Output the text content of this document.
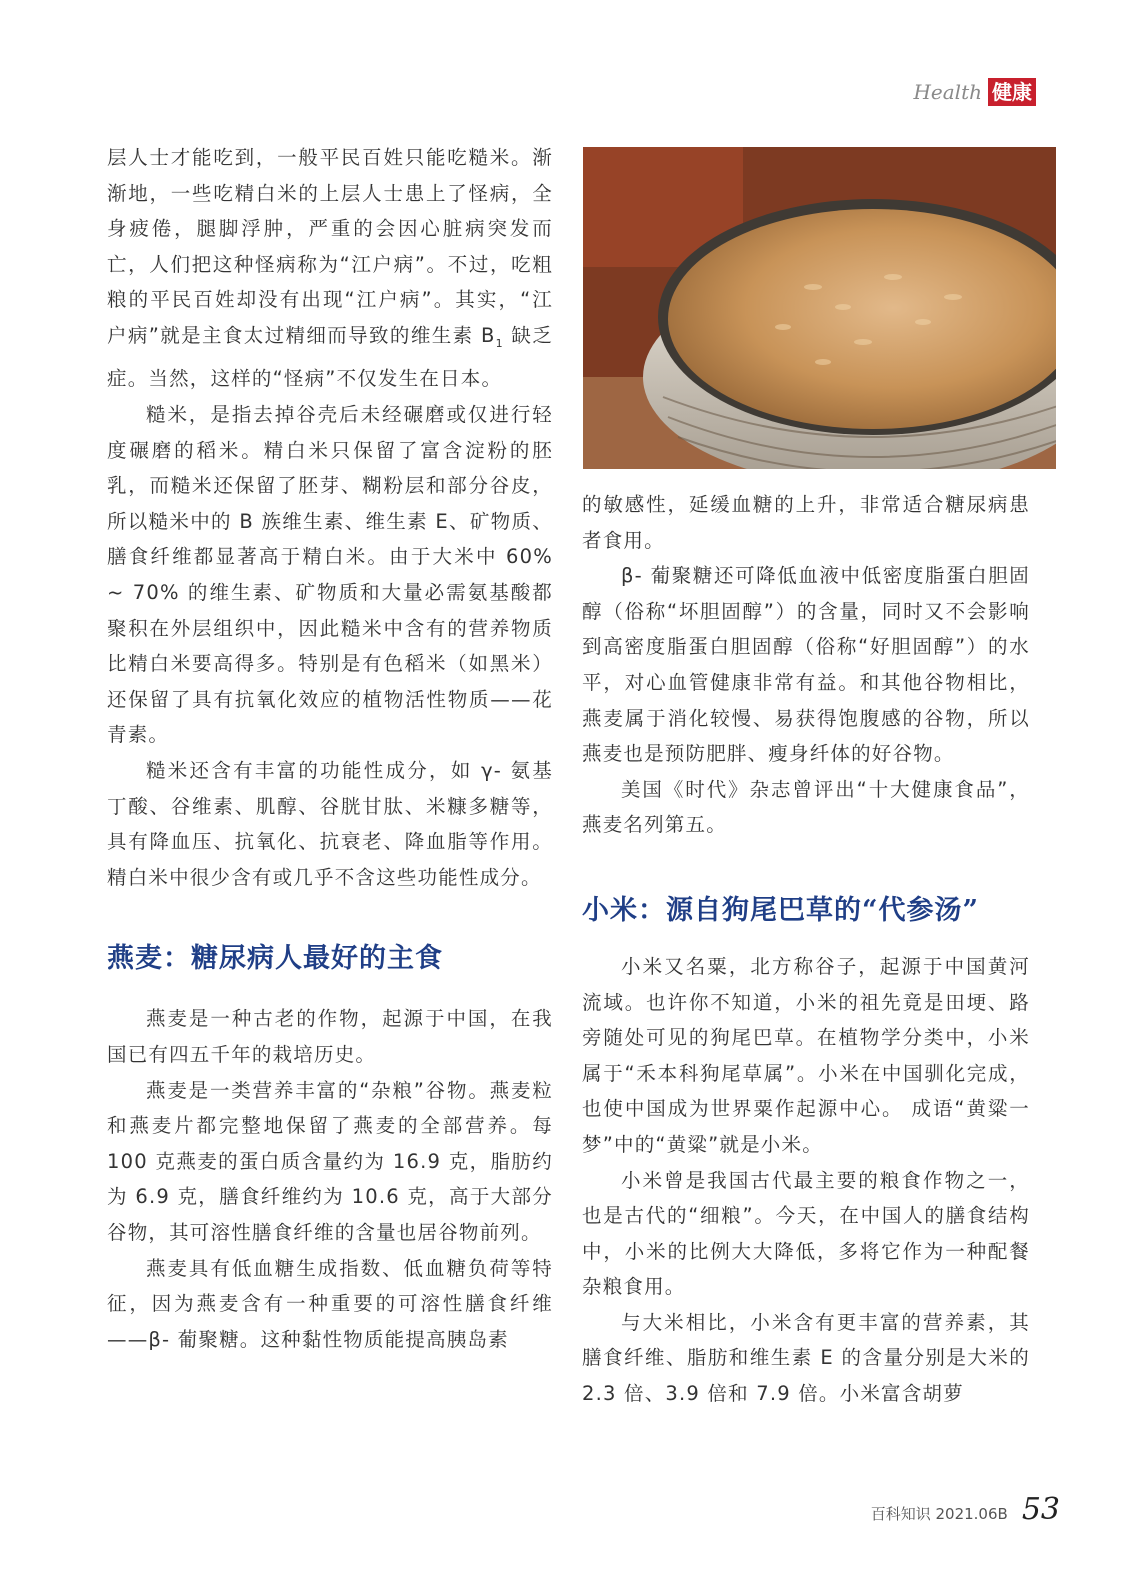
Health 健康

层人士才能吃到，一般平民百姓只能吃糙米。渐渐地，一些吃精白米的上层人士患上了怪病，全身疲倦，腿脚浮肿，严重的会因心脏病突发而亡，人们把这种怪病称为“江户病”。不过，吃粗粮的平民百姓却没有出现“江户病”。其实，“江户病”就是主食太过精细而导致的维生素 $B_1$ 缺乏症。当然，这样的“怪病”不仅发生在日本。

糙米，是指去掉谷壳后未经碾磨或仅进行轻度碾磨的稻米。精白米只保留了富含淀粉的胚乳，而糙米还保留了胚芽、糊粉层和部分谷皮，所以糙米中的 B 族维生素、维生素 E、矿物质、膳食纤维都显著高于精白米。由于大米中 60% ~ 70% 的维生素、矿物质和大量必需氨基酸都聚积在外层组织中，因此糙米中含有的营养物质比精白米要高得多。特别是有色稻米（如黑米）还保留了具有抗氧化效应的植物活性物质——花青素。

糙米还含有丰富的功能性成分，如 γ- 氨基丁酸、谷维素、肌醇、谷胱甘肽、米糠多糖等，具有降血压、抗氧化、抗衰老、降血脂等作用。精白米中很少含有或几乎不含这些功能性成分。

燕麦：糖尿病人最好的主食

燕麦是一种古老的作物，起源于中国，在我国已有四五千年的栽培历史。

燕麦是一类营养丰富的“杂粮”谷物。燕麦粒和燕麦片都完整地保留了燕麦的全部营养。每 100 克燕麦的蛋白质含量约为 16.9 克，脂肪约为 6.9 克，膳食纤维约为 10.6 克，高于大部分谷物，其可溶性膳食纤维的含量也居谷物前列。

燕麦具有低血糖生成指数、低血糖负荷等特征，因为燕麦含有一种重要的可溶性膳食纤维——β- 葡聚糖。这种黏性物质能提高胰岛素

的敏感性，延缓血糖的上升，非常适合糖尿病患者食用。

β- 葡聚糖还可降低血液中低密度脂蛋白胆固醇（俗称“坏胆固醇”）的含量，同时又不会影响到高密度脂蛋白胆固醇（俗称“好胆固醇”）的水平，对心血管健康非常有益。和其他谷物相比，燕麦属于消化较慢、易获得饱腹感的谷物，所以燕麦也是预防肥胖、瘦身纤体的好谷物。

美国《时代》杂志曾评出“十大健康食品”，燕麦名列第五。

小米：源自狗尾巴草的“代参汤”

小米又名粟，北方称谷子，起源于中国黄河流域。也许你不知道，小米的祖先竟是田埂、路旁随处可见的狗尾巴草。在植物学分类中，小米属于“禾本科狗尾草属”。小米在中国驯化完成，也使中国成为世界粟作起源中心。 成语“黄粱一梦”中的“黄粱”就是小米。

小米曾是我国古代最主要的粮食作物之一，也是古代的“细粮”。今天，在中国人的膳食结构中，小米的比例大大降低，多将它作为一种配餐杂粮食用。

与大米相比，小米含有更丰富的营养素，其膳食纤维、脂肪和维生素 E 的含量分别是大米的 2.3 倍、3.9 倍和 7.9 倍。小米富含胡萝

百科知识 2021.06B 53
